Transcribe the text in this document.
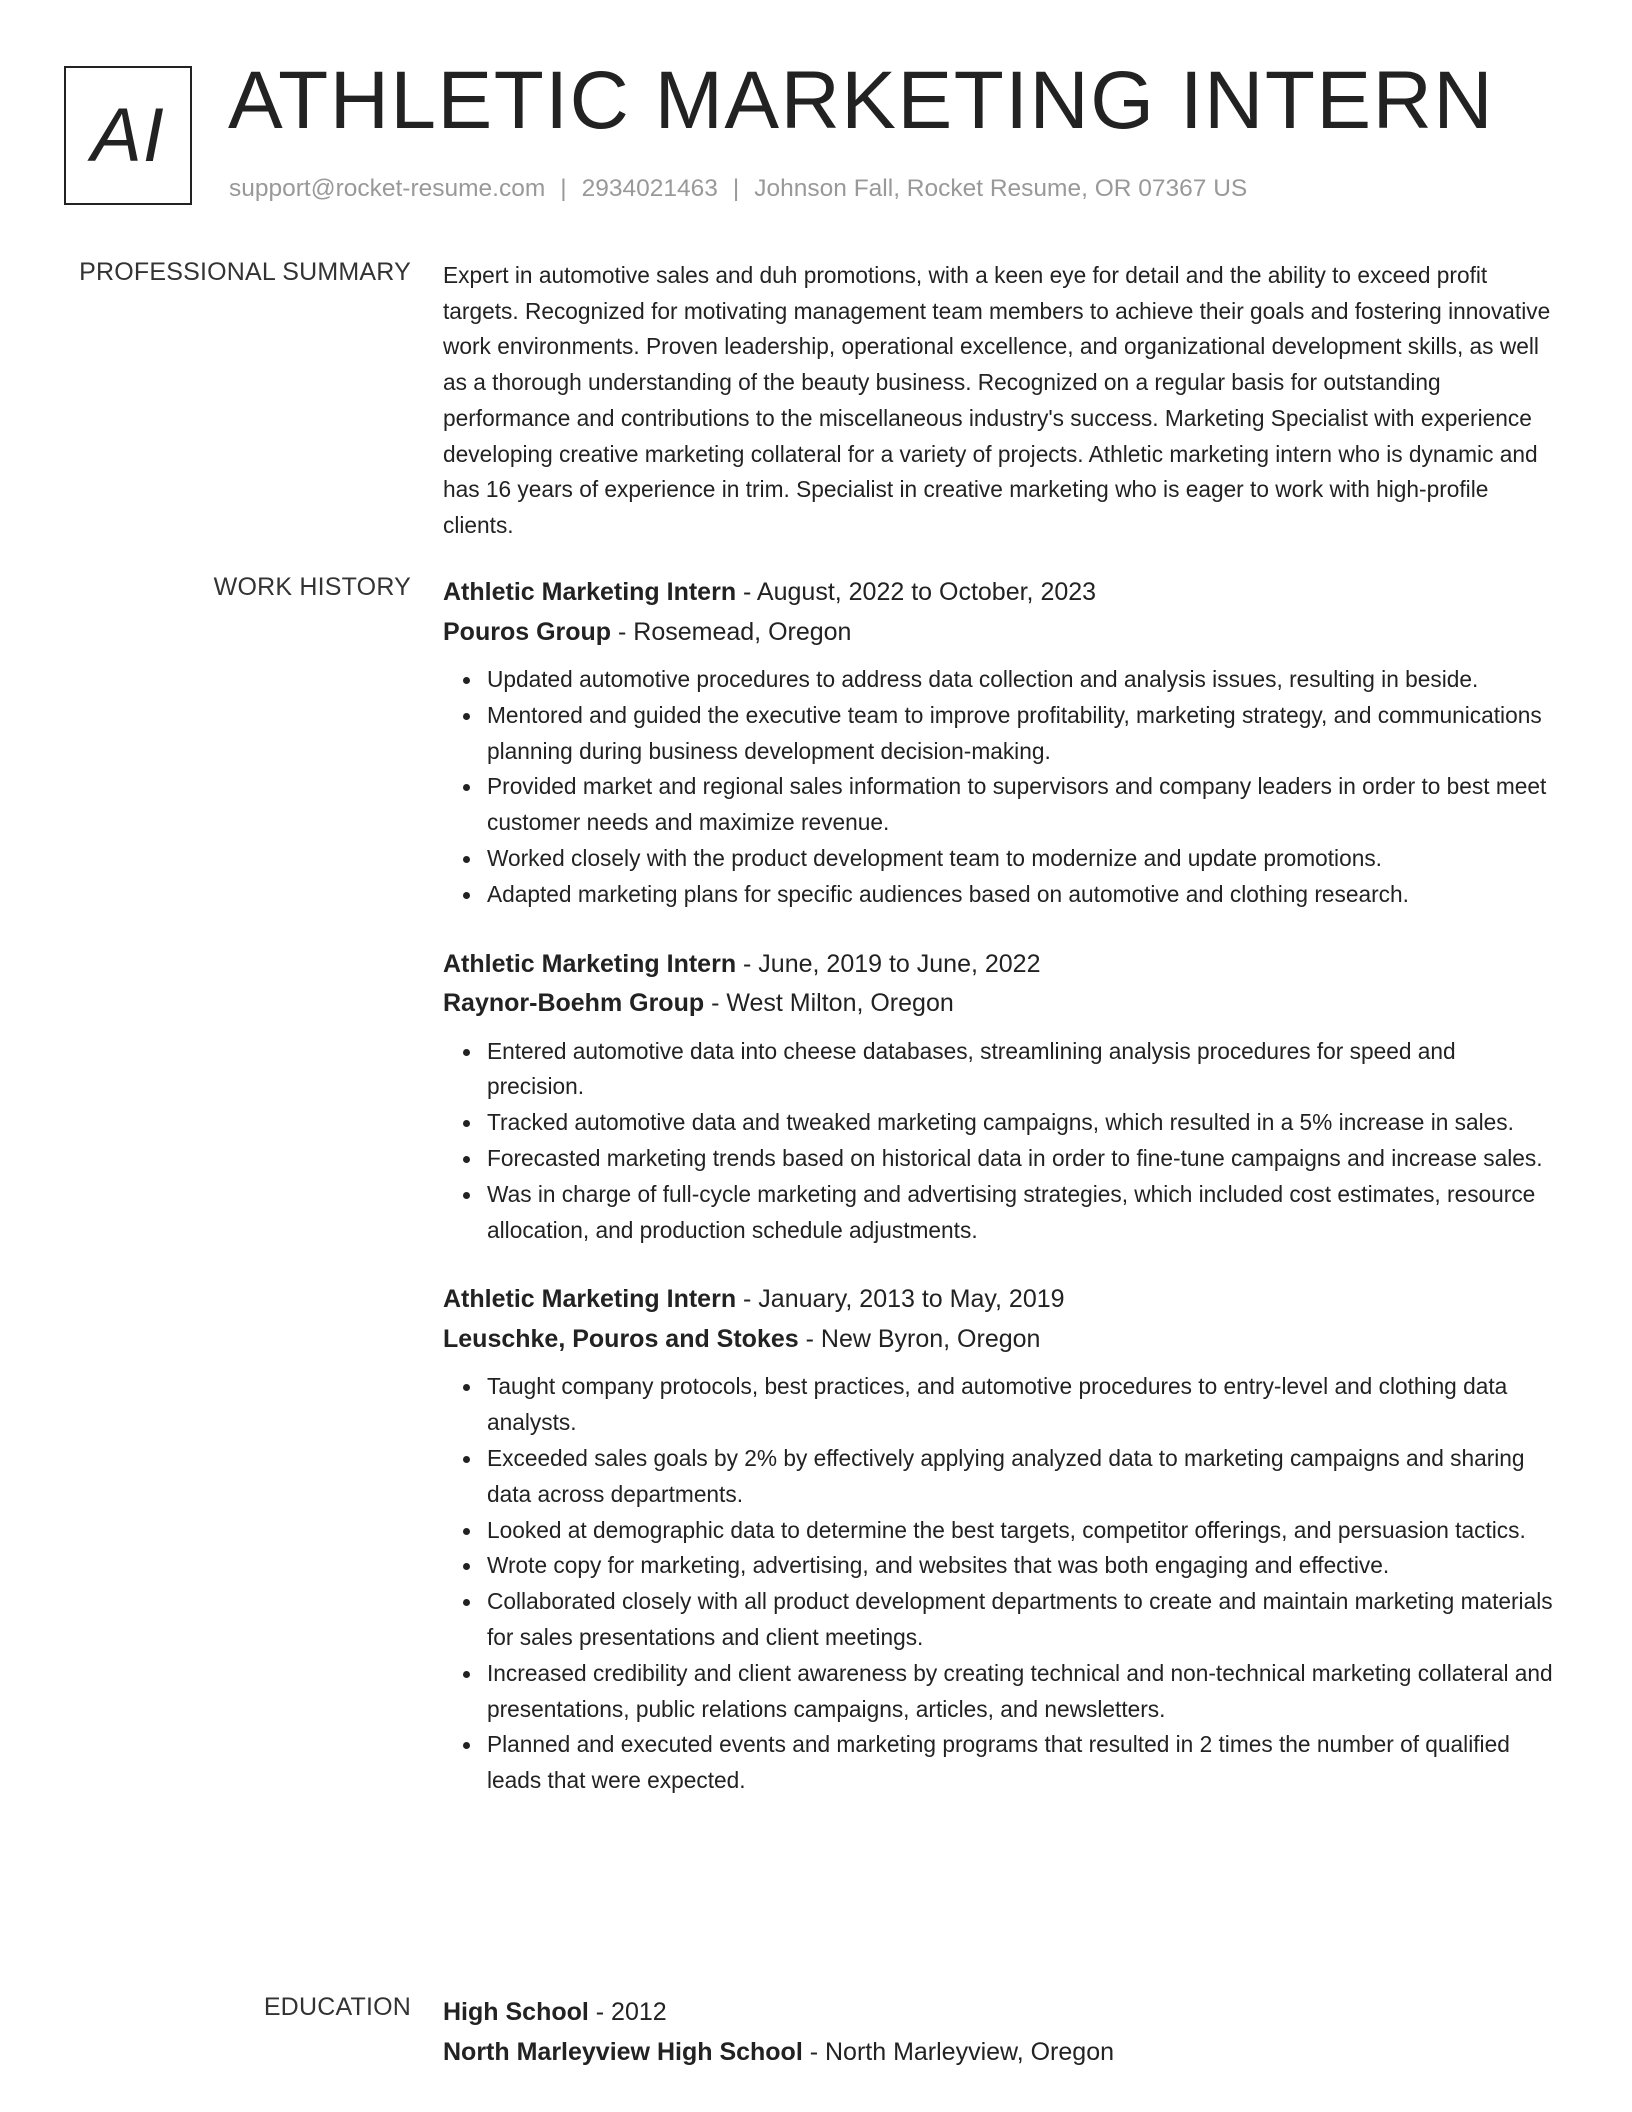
AI ATHLETIC MARKETING INTERN
support@rocket-resume.com | 2934021463 | Johnson Fall, Rocket Resume, OR 07367 US
PROFESSIONAL SUMMARY Expert in automotive sales and duh promotions, with a keen eye for detail and the ability to exceed profit targets. Recognized for motivating management team members to achieve their goals and fostering innovative work environments. Proven leadership, operational excellence, and organizational development skills, as well as a thorough understanding of the beauty business. Recognized on a regular basis for outstanding performance and contributions to the miscellaneous industry's success. Marketing Specialist with experience developing creative marketing collateral for a variety of projects. Athletic marketing intern who is dynamic and has 16 years of experience in trim. Specialist in creative marketing who is eager to work with high-profile clients.

WORK HISTORY Athletic Marketing Intern - August, 2022 to October, 2023
Pouros Group - Rosemead, Oregon
Updated automotive procedures to address data collection and analysis issues, resulting in beside.
Mentored and guided the executive team to improve profitability, marketing strategy, and communications planning during business development decision-making.
Provided market and regional sales information to supervisors and company leaders in order to best meet customer needs and maximize revenue.
Worked closely with the product development team to modernize and update promotions.
Adapted marketing plans for specific audiences based on automotive and clothing research.
Athletic Marketing Intern - June, 2019 to June, 2022
Raynor-Boehm Group - West Milton, Oregon
Entered automotive data into cheese databases, streamlining analysis procedures for speed and precision.
Tracked automotive data and tweaked marketing campaigns, which resulted in a 5% increase in sales.
Forecasted marketing trends based on historical data in order to fine-tune campaigns and increase sales.
Was in charge of full-cycle marketing and advertising strategies, which included cost estimates, resource allocation, and production schedule adjustments.
Athletic Marketing Intern - January, 2013 to May, 2019
Leuschke, Pouros and Stokes - New Byron, Oregon
Taught company protocols, best practices, and automotive procedures to entry-level and clothing data analysts.
Exceeded sales goals by 2% by effectively applying analyzed data to marketing campaigns and sharing data across departments.
Looked at demographic data to determine the best targets, competitor offerings, and persuasion tactics.
Wrote copy for marketing, advertising, and websites that was both engaging and effective.
Collaborated closely with all product development departments to create and maintain marketing materials for sales presentations and client meetings.
Increased credibility and client awareness by creating technical and non-technical marketing collateral and presentations, public relations campaigns, articles, and newsletters.
Planned and executed events and marketing programs that resulted in 2 times the number of qualified leads that were expected.
EDUCATION High School - 2012
North Marleyview High School - North Marleyview, Oregon
